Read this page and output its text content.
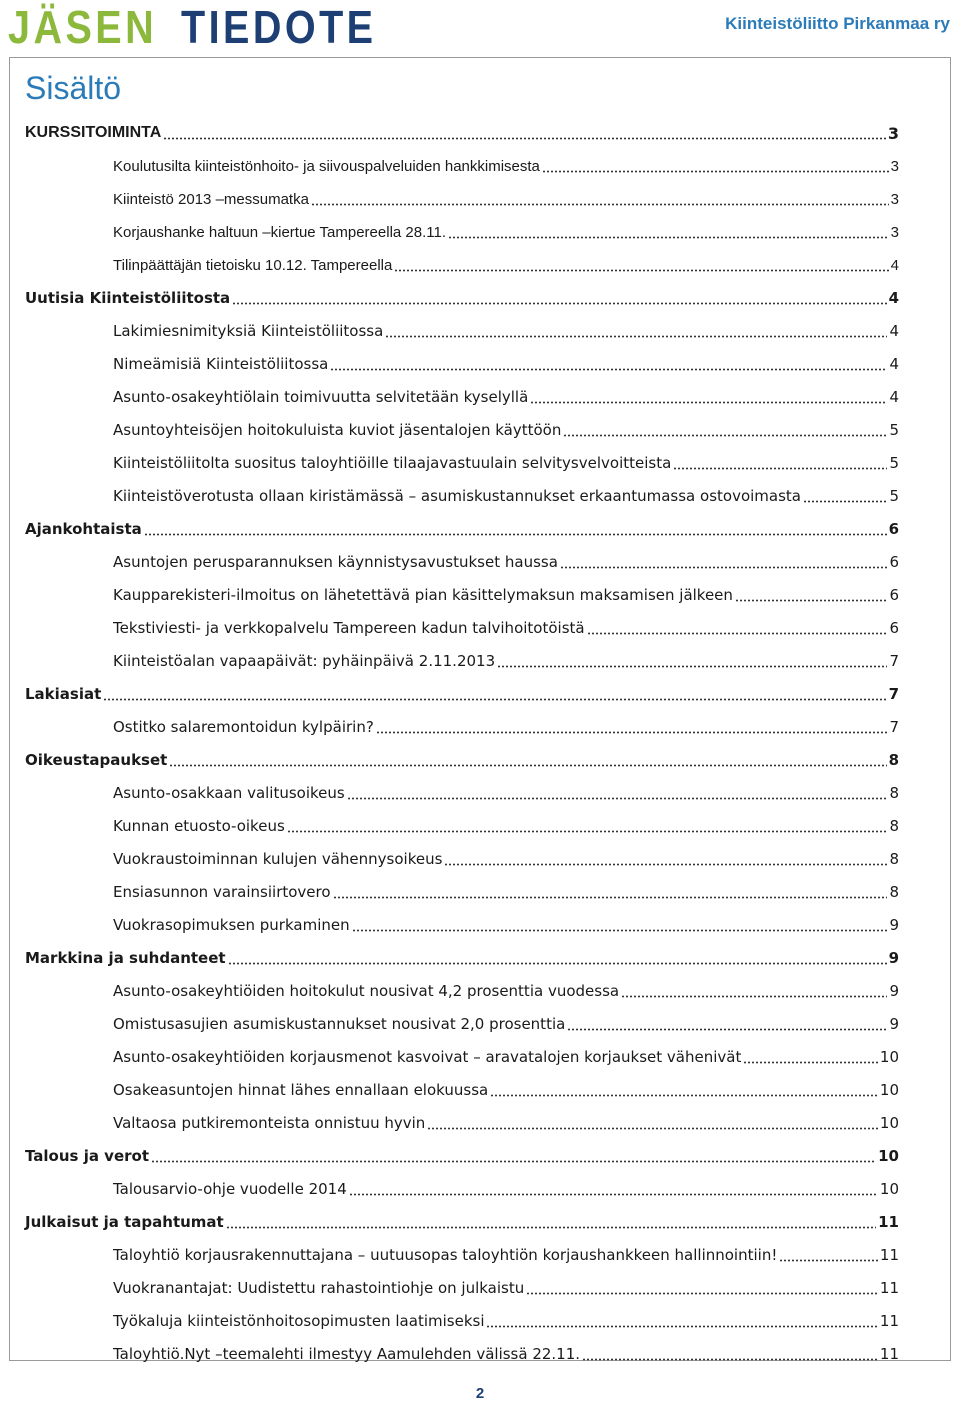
JÄSEN TIEDOTE	Kiinteistöliitto Pirkanmaa ry
Sisältö
KURSSITOIMINTA	3
Koulutusilta kiinteistönhoito- ja siivouspalveluiden hankkimisesta	3
Kiinteistö 2013 –messumatka	3
Korjaushanke haltuun –kiertue Tampereella 28.11.	3
Tilinpäättäjän tietoisku 10.12. Tampereella	4
Uutisia Kiinteistöliitosta	4
Lakimiesnimityksiä Kiinteistöliitossa	4
Nimeämisiä Kiinteistöliitossa	4
Asunto-osakeyhtiölain toimivuutta selvitetään kyselyllä	4
Asuntoyhteisöjen hoitokuluista kuviot jäsentalojen käyttöön	5
Kiinteistöliitolta suositus taloyhtiöille tilaajavastuulain selvitysvelvoitteista	5
Kiinteistöverotusta ollaan kiristämässä – asumiskustannukset erkaantumassa ostovoimasta	5
Ajankohtaista	6
Asuntojen perusparannuksen käynnistysavustukset haussa	6
Kaupparekisteri-ilmoitus on lähetettävä pian käsittelymaksun maksamisen jälkeen	6
Tekstiviesti- ja verkkopalvelu Tampereen kadun talvihoitotöistä	6
Kiinteistöalan vapaapäivät: pyhäinpäivä 2.11.2013	7
Lakiasiat	7
Ostitko salaremontoidun kylpäirin?	7
Oikeustapaukset	8
Asunto-osakkaan valitusoikeus	8
Kunnan etuosto-oikeus	8
Vuokraustoiminnan kulujen vähennysoikeus	8
Ensiasunnon varainsiirtovero	8
Vuokrasopimuksen purkaminen	9
Markkina ja suhdanteet	9
Asunto-osakeyhtiöiden hoitokulut nousivat 4,2 prosenttia vuodessa	9
Omistusasujien asumiskustannukset nousivat 2,0 prosenttia	9
Asunto-osakeyhtiöiden korjausmenot kasvoivat – aravatalojen korjaukset vähenivät	10
Osakeasuntojen hinnat lähes ennallaan elokuussa	10
Valtaosa putkiremonteista onnistuu hyvin	10
Talous ja verot	10
Talousarvio-ohje vuodelle 2014	10
Julkaisut ja tapahtumat	11
Taloyhtiö korjausrakennuttajana – uutuusopas taloyhtiön korjaushankkeen hallinnointiin!	11
Vuokranantajat: Uudistettu rahastointiohje on julkaistu	11
Työkaluja kiinteistönhoitosopimusten laatimiseksi	11
Taloyhtiö.Nyt –teemalehti ilmestyy Aamulehden välissä 22.11.	11
2
